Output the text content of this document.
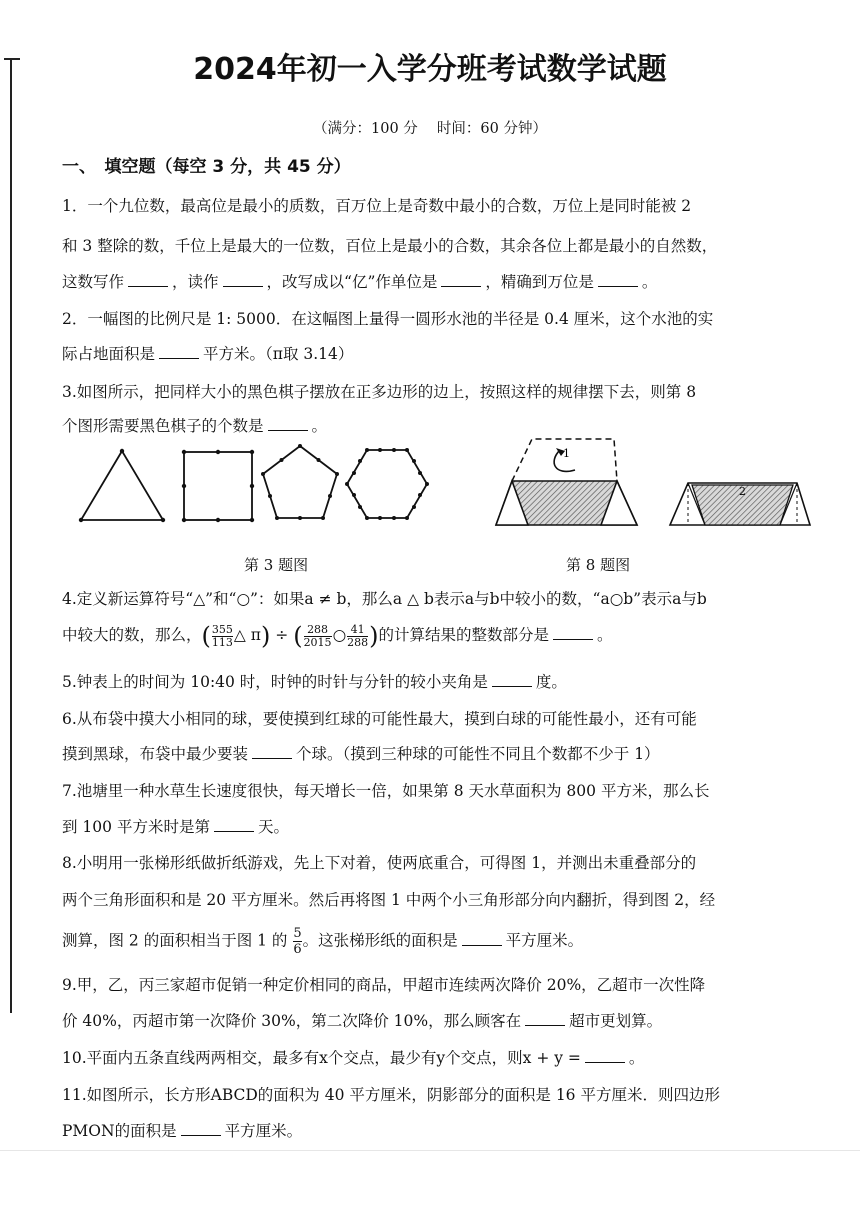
2024年初一入学分班考试数学试题
（满分：100 分　 时间：60 分钟）
一、　填空题（每空 3 分，共 45 分）
1．一个九位数，最高位是最小的质数，百万位上是奇数中最小的合数，万位上是同时能被 2
和 3 整除的数，千位上是最大的一位数，百位上是最小的合数，其余各位上都是最小的自然数，
这数写作	，读作	，改写成以“亿”作单位是	，精确到万位是	。
2．一幅图的比例尺是 1: 5000．在这幅图上量得一圆形水池的半径是 0.4 厘米，这个水池的实
际占地面积是	平方米。（π取 3.14）
3.如图所示，把同样大小的黑色棋子摆放在正多边形的边上，按照这样的规律摆下去，则第 8
个图形需要黑色棋子的个数是	。
1
2
第 3 题图	第 8 题图
4.定义新运算符号“△”和“○”：如果a ≠ b，那么a △ b表示a与b中较小的数，“a○b”表示a与b
中较大的数，那么，( $\frac{355}{113}$ △ π) ÷ ( $\frac{288}{2015}$ ○ $\frac{41}{288}$ )的计算结果的整数部分是	。
5.钟表上的时间为 10:40 时，时钟的时针与分针的较小夹角是	度。
6.从布袋中摸大小相同的球，要使摸到红球的可能性最大，摸到白球的可能性最小，还有可能
摸到黑球，布袋中最少要装	个球。（摸到三种球的可能性不同且个数都不少于 1）
7.池塘里一种水草生长速度很快，每天增长一倍，如果第 8 天水草面积为 800 平方米，那么长
到 100 平方米时是第	天。
8.小明用一张梯形纸做折纸游戏，先上下对着，使两底重合，可得图 1，并测出未重叠部分的
两个三角形面积和是 20 平方厘米。然后再将图 1 中两个小三角形部分向内翻折，得到图 2，经
测算，图 2 的面积相当于图 1 的 $\frac{5}{6}$ 。这张梯形纸的面积是	平方厘米。
9.甲，乙，丙三家超市促销一种定价相同的商品，甲超市连续两次降价 20%，乙超市一次性降
价 40%，丙超市第一次降价 30%，第二次降价 10%，那么顾客在	超市更划算。
10.平面内五条直线两两相交，最多有x个交点，最少有y个交点，则x + y =	。
11.如图所示，长方形ABCD的面积为 40 平方厘米，阴影部分的面积是 16 平方厘米．则四边形
PMON的面积是	平方厘米。
